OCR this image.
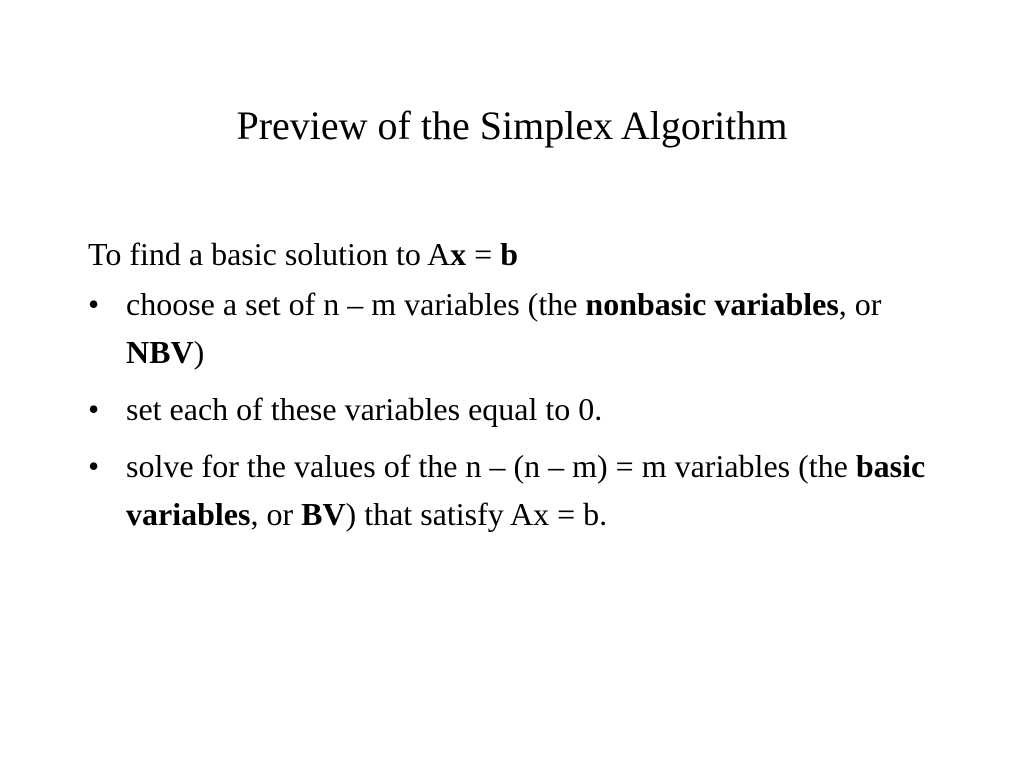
Preview of the Simplex Algorithm

To find a basic solution to Ax = b

• choose a set of n – m variables (the nonbasic variables, or NBV)
• set each of these variables equal to 0.
• solve for the values of the n – (n – m) = m variables (the basic variables, or BV) that satisfy Ax = b.
